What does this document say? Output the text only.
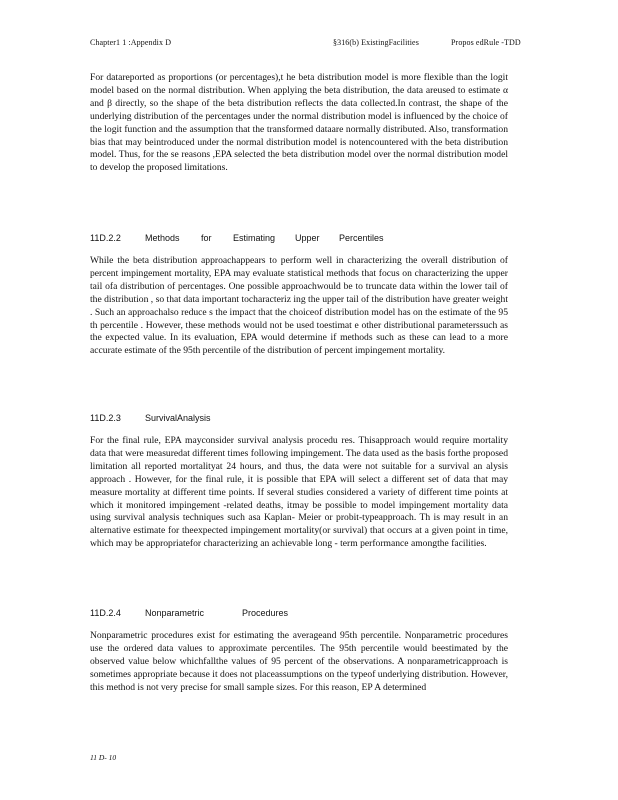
Chapter1 1 :Appendix D	§316(b) ExistingFacilities	Propos edRule -TDD

For datareported as proportions (or percentages),t he beta distribution model is more flexible than the logit model based on the normal distribution. When applying the beta distribution, the data areused to estimate α and β directly, so the shape of the beta distribution reflects the data collected.In contrast, the shape of the underlying distribution of the percentages under the normal distribution model is influenced by the choice of the logit function and the assumption that the transformed dataare normally distributed. Also, transformation bias that may beintroduced under the normal distribution model is notencountered with the beta distribution model. Thus, for the se reasons ,EPA selected the beta distribution model over the normal distribution model to develop the proposed limitations.

11D.2.2	Methods	for	Estimating	Upper	Percentiles

While the beta distribution approachappears to perform well in characterizing the overall distribution of percent impingement mortality, EPA may evaluate statistical methods that focus on characterizing the upper tail ofa distribution of percentages. One possible approachwould be to truncate data within the lower tail of the distribution , so that data important tocharacteriz ing the upper tail of the distribution have greater weight . Such an approachalso reduce s the impact that the choiceof distribution model has on the estimate of the 95 th percentile . However, these methods would not be used toestimat e other distributional parameterssuch as the expected value. In its evaluation, EPA would determine if methods such as these can lead to a more accurate estimate of the 95th percentile of the distribution of percent impingement mortality.

11D.2.3	SurvivalAnalysis

For the final rule, EPA mayconsider survival analysis procedu res. Thisapproach would require mortality data that were measuredat different times following impingement. The data used as the basis forthe proposed limitation all reported mortalityat 24 hours, and thus, the data were not suitable for a survival an alysis approach . However, for the final rule, it is possible that EPA will select a different set of data that may measure mortality at different time points. If several studies considered a variety of different time points at which it monitored impingement -related deaths, itmay be possible to model impingement mortality data using survival analysis techniques such asa Kaplan- Meier or probit-typeapproach. Th is may result in an alternative estimate for theexpected impingement mortality(or survival) that occurs at a given point in time, which may be appropriatefor characterizing an achievable long - term performance amongthe facilities.

11D.2.4	Nonparametric	Procedures

Nonparametric procedures exist for estimating the averageand 95th percentile. Nonparametric procedures use the ordered data values to approximate percentiles. The 95th percentile would beestimated by the observed value below whichfallthe values of 95 percent of the observations. A nonparametricapproach is sometimes appropriate because it does not placeassumptions on the typeof underlying distribution. However, this method is not very precise for small sample sizes. For this reason, EP A determined

11 D- 10
